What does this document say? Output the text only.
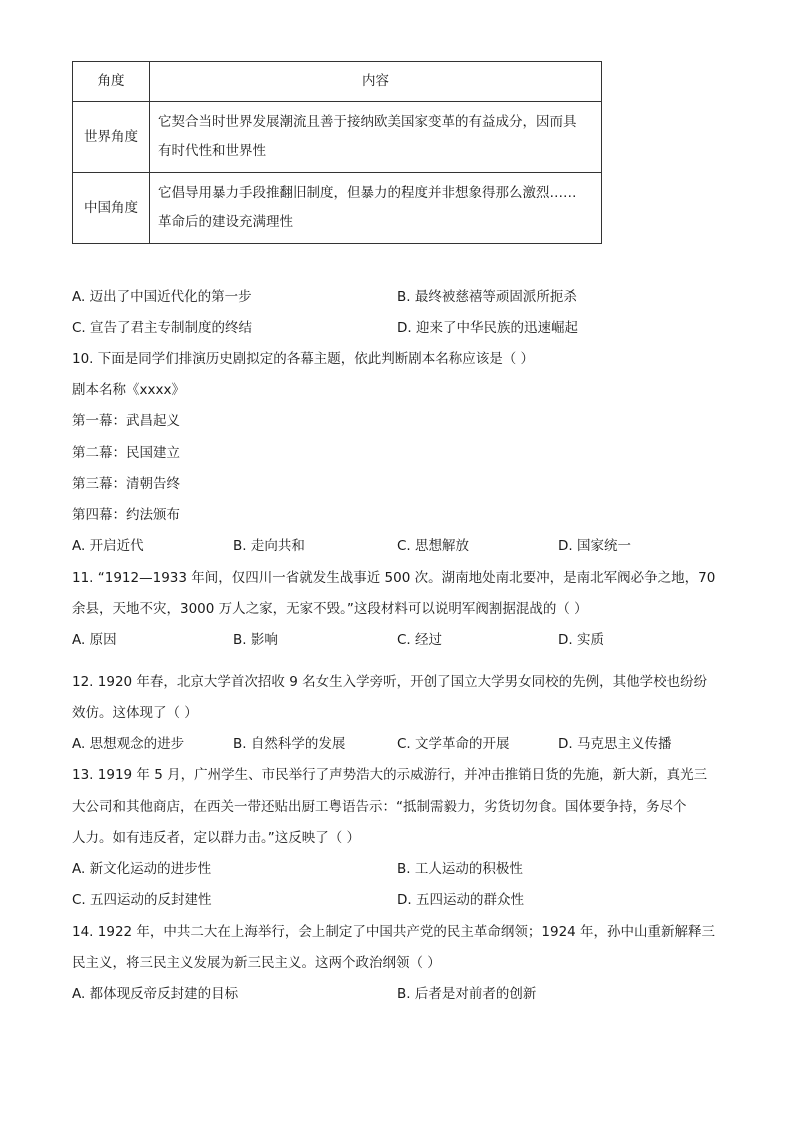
角度	内容
世界角度	它契合当时世界发展潮流且善于接纳欧美国家变革的有益成分，因而具
有时代性和世界性

中国角度	它倡导用暴力手段推翻旧制度，但暴力的程度并非想象得那么激烈……
革命后的建设充满理性
A. 迈出了中国近代化的第一步	B. 最终被慈禧等顽固派所扼杀
C. 宣告了君主专制制度的终结	D. 迎来了中华民族的迅速崛起
10. 下面是同学们排演历史剧拟定的各幕主题，依此判断剧本名称应该是（ ）
剧本名称《xxxx》
第一幕：武昌起义
第二幕：民国建立
第三幕：清朝告终
第四幕：约法颁布
A. 开启近代	B. 走向共和	C. 思想解放	D. 国家统一
11. “1912—1933 年间，仅四川一省就发生战事近 500 次。湖南地处南北要冲，是南北军阀必争之地，70
余县，天地不灾，3000 万人之家，无家不毁。”这段材料可以说明军阀割据混战的（ ）
A. 原因	B. 影响	C. 经过	D. 实质
12. 1920 年春，北京大学首次招收 9 名女生入学旁听，开创了国立大学男女同校的先例，其他学校也纷纷
效仿。这体现了（ ）
A. 思想观念的进步	B. 自然科学的发展	C. 文学革命的开展	D. 马克思主义传播
13. 1919 年 5 月，广州学生、市民举行了声势浩大的示威游行，并冲击推销日货的先施，新大新，真光三
大公司和其他商店，在西关一带还贴出厨工粤语告示：“抵制需毅力，劣货切勿食。国体要争持，务尽个
人力。如有违反者，定以群力击。”这反映了（ ）
A. 新文化运动的进步性	B. 工人运动的积极性
C. 五四运动的反封建性	D. 五四运动的群众性
14. 1922 年，中共二大在上海举行，会上制定了中国共产党的民主革命纲领；1924 年，孙中山重新解释三
民主义，将三民主义发展为新三民主义。这两个政治纲领（ ）
A. 都体现反帝反封建的目标	B. 后者是对前者的创新
